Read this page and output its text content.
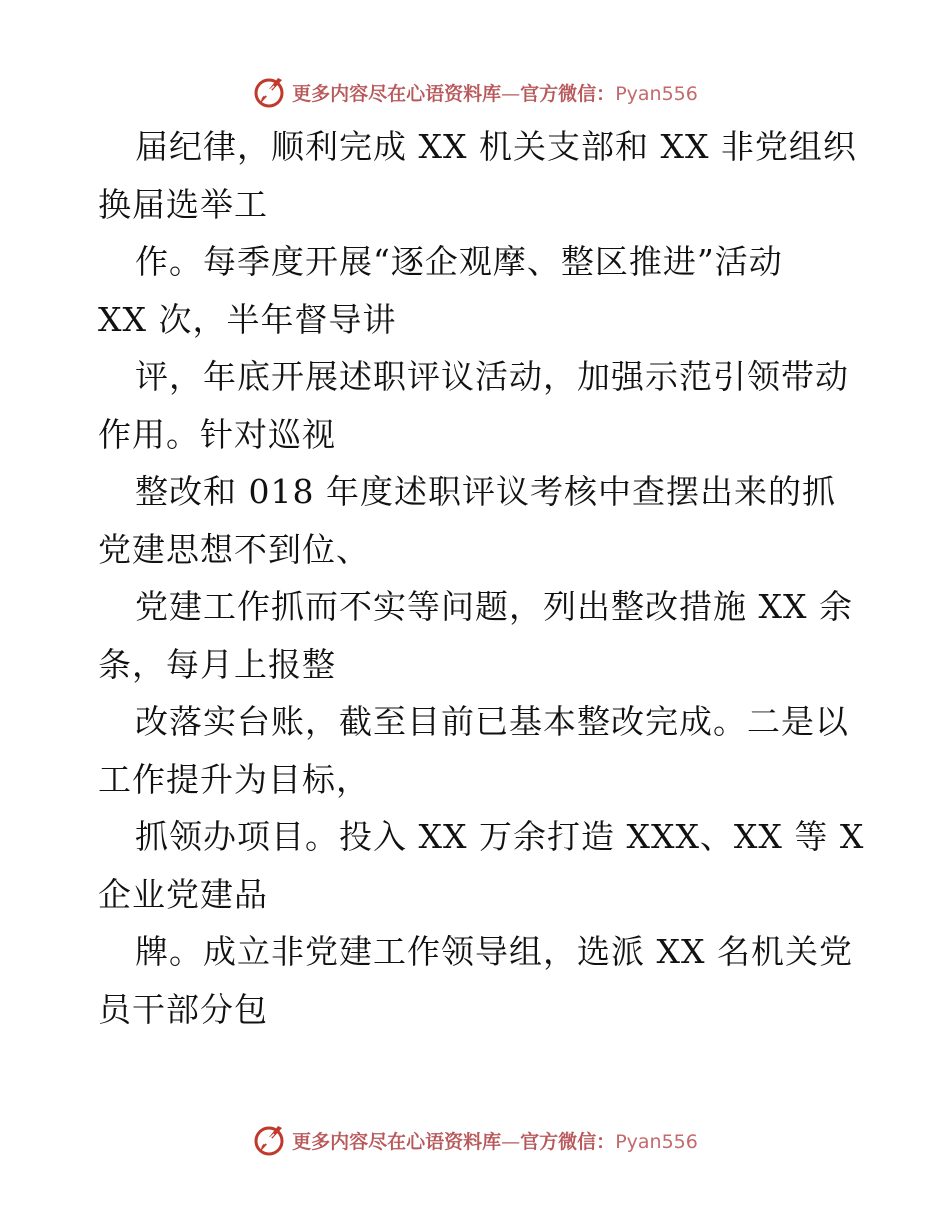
更多内容尽在心语资料库—官方微信：Pyan556

届纪律，顺利完成 XX 机关支部和 XX 非党组织
换届选举工

作。每季度开展“逐企观摩、整区推进”活动
XX 次，半年督导讲

评，年底开展述职评议活动，加强示范引领带动
作用。针对巡视

整改和 018 年度述职评议考核中查摆出来的抓
党建思想不到位、

党建工作抓而不实等问题，列出整改措施 XX 余
条，每月上报整

改落实台账，截至目前已基本整改完成。二是以
工作提升为目标，

抓领办项目。投入 XX 万余打造 XXX、XX 等 X
企业党建品

牌。成立非党建工作领导组，选派 XX 名机关党
员干部分包

更多内容尽在心语资料库—官方微信：Pyan556
